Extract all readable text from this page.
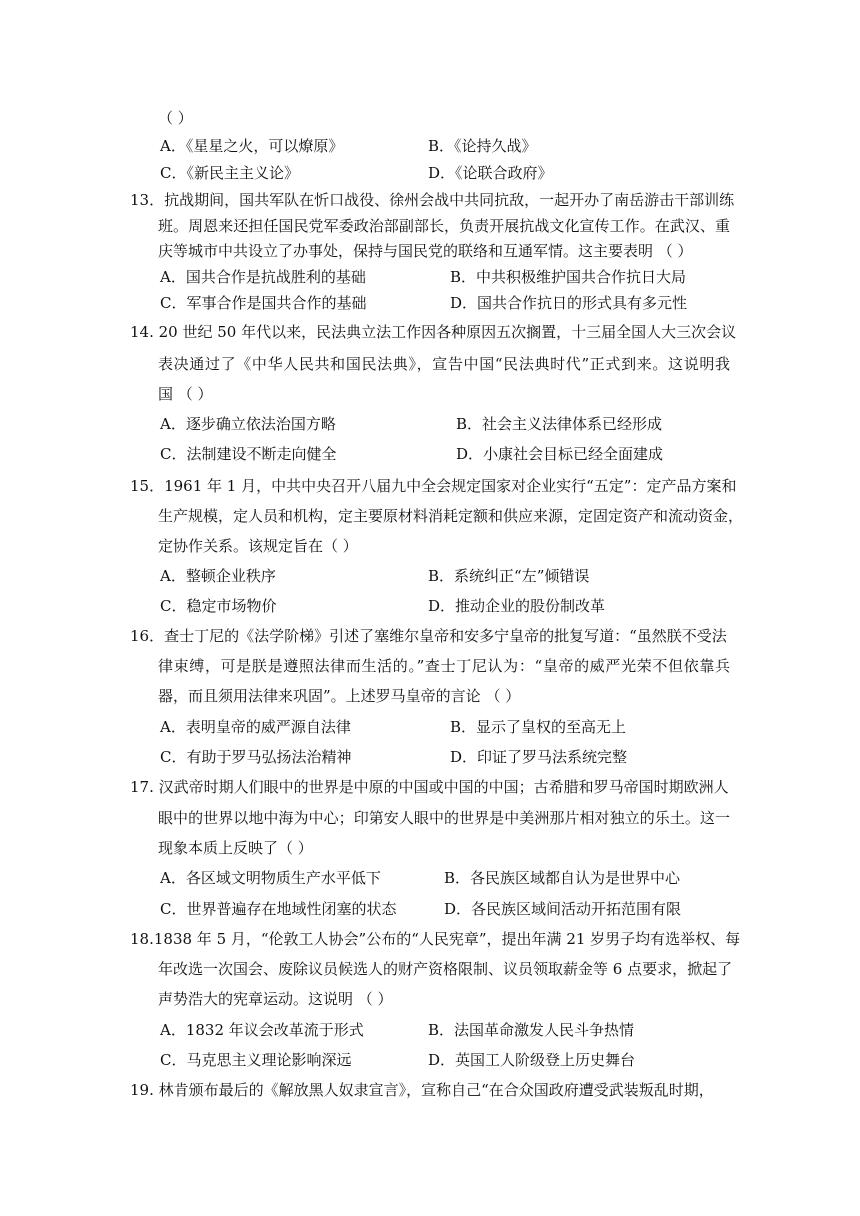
（ ）
A．《星星之火，可以燎原》	B．《论持久战》
C．《新民主主义论》	D．《论联合政府》
13．抗战期间，国共军队在忻口战役、徐州会战中共同抗敌，一起开办了南岳游击干部训练
班。周恩来还担任国民党军委政治部副部长，负责开展抗战文化宣传工作。在武汉、重
庆等城市中共设立了办事处，保持与国民党的联络和互通军情。这主要表明 （ ）
A．国共合作是抗战胜利的基础	B．中共积极维护国共合作抗日大局
C．军事合作是国共合作的基础	D．国共合作抗日的形式具有多元性
14. 20 世纪 50 年代以来，民法典立法工作因各种原因五次搁置，十三届全国人大三次会议
表决通过了《中华人民共和国民法典》，宣告中国“民法典时代”正式到来。这说明我
国 （ ）
A．逐步确立依法治国方略	B．社会主义法律体系已经形成
C．法制建设不断走向健全	D．小康社会目标已经全面建成
15．1961 年 1 月，中共中央召开八届九中全会规定国家对企业实行“五定”：定产品方案和
生产规模，定人员和机构，定主要原材料消耗定额和供应来源，定固定资产和流动资金，
定协作关系。该规定旨在（ ）
A．整顿企业秩序	B．系统纠正“左”倾错误
C．稳定市场物价	D．推动企业的股份制改革
16．查士丁尼的《法学阶梯》引述了塞维尔皇帝和安多宁皇帝的批复写道：“虽然朕不受法
律束缚，可是朕是遵照法律而生活的。”查士丁尼认为：“皇帝的威严光荣不但依靠兵
器，而且须用法律来巩固”。上述罗马皇帝的言论 （ ）
A．表明皇帝的威严源自法律	B．显示了皇权的至高无上
C．有助于罗马弘扬法治精神	D．印证了罗马法系统完整
17. 汉武帝时期人们眼中的世界是中原的中国或中国的中国；古希腊和罗马帝国时期欧洲人
眼中的世界以地中海为中心；印第安人眼中的世界是中美洲那片相对独立的乐土。这一
现象本质上反映了（ ）
A．各区域文明物质生产水平低下	B．各民族区域都自认为是世界中心
C．世界普遍存在地域性闭塞的状态	D．各民族区域间活动开拓范围有限
18.1838 年 5 月，“伦敦工人协会”公布的“人民宪章”，提出年满 21 岁男子均有选举权、每
年改选一次国会、废除议员候选人的财产资格限制、议员领取薪金等 6 点要求，掀起了
声势浩大的宪章运动。这说明 （ ）
A．1832 年议会改革流于形式	B．法国革命激发人民斗争热情
C．马克思主义理论影响深远	D．英国工人阶级登上历史舞台
19. 林肯颁布最后的《解放黑人奴隶宣言》，宣称自己“在合众国政府遭受武装叛乱时期，
